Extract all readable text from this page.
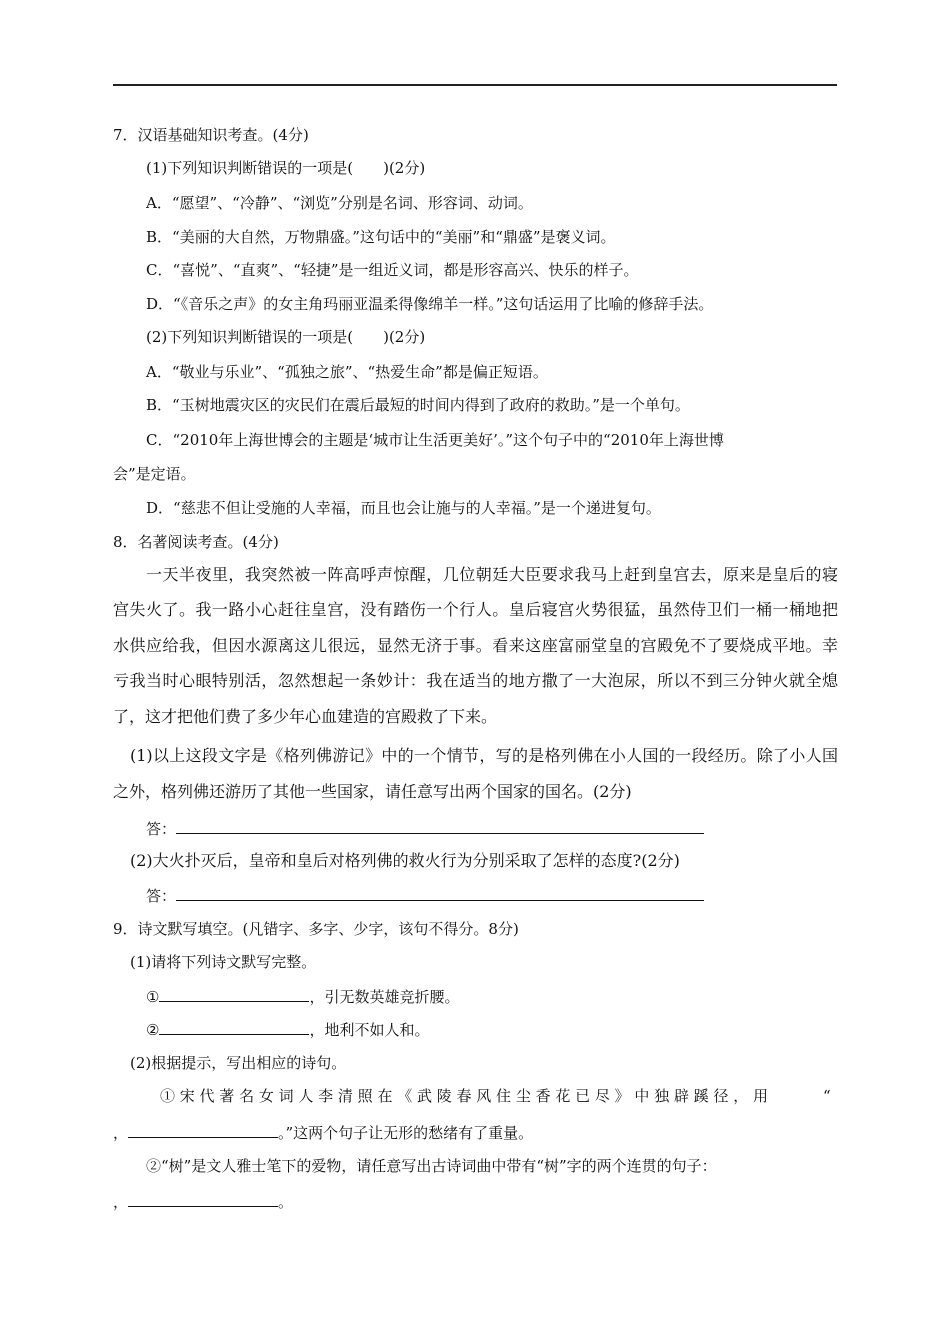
7．汉语基础知识考查。(4分)
(1)下列知识判断错误的一项是(　　)(2分)
A．“愿望”、“冷静”、“浏览”分别是名词、形容词、动词。
B．“美丽的大自然，万物鼎盛。”这句话中的“美丽”和“鼎盛”是褒义词。
C．“喜悦”、“直爽”、“轻捷”是一组近义词，都是形容高兴、快乐的样子。
D．“《音乐之声》的女主角玛丽亚温柔得像绵羊一样。”这句话运用了比喻的修辞手法。
(2)下列知识判断错误的一项是(　　)(2分)
A．“敬业与乐业”、“孤独之旅”、“热爱生命”都是偏正短语。
B．“玉树地震灾区的灾民们在震后最短的时间内得到了政府的救助。”是一个单句。
C．“2010年上海世博会的主题是‘城市让生活更美好’。”这个句子中的“2010年上海世博
会”是定语。
D．“慈悲不但让受施的人幸福，而且也会让施与的人幸福。”是一个递进复句。
8．名著阅读考查。(4分)
一天半夜里，我突然被一阵高呼声惊醒，几位朝廷大臣要求我马上赶到皇宫去，原来是皇后的寝
宫失火了。我一路小心赶往皇宫，没有踏伤一个行人。皇后寝宫火势很猛，虽然侍卫们一桶一桶地把
水供应给我，但因水源离这儿很远，显然无济于事。看来这座富丽堂皇的宫殿免不了要烧成平地。幸
亏我当时心眼特别活，忽然想起一条妙计：我在适当的地方撒了一大泡尿，所以不到三分钟火就全熄
了，这才把他们费了多少年心血建造的宫殿救了下来。
(1)以上这段文字是《格列佛游记》中的一个情节，写的是格列佛在小人国的一段经历。除了小人国
之外，格列佛还游历了其他一些国家，请任意写出两个国家的国名。(2分)
答：
(2)大火扑灭后，皇帝和皇后对格列佛的救火行为分别采取了怎样的态度?(2分)
答：
9．诗文默写填空。(凡错字、多字、少字，该句不得分。8分)
(1)请将下列诗文默写完整。
①	，引无数英雄竞折腰。
②	，地利不如人和。
(2)根据提示，写出相应的诗句。
① 宋 代 著 名 女 词 人 李 清 照 在 《 武 陵 春 风 住 尘 香 花 已 尽 》 中 独 辟 蹊 径 ， 用	“
，	。”这两个句子让无形的愁绪有了重量。
②“树”是文人雅士笔下的爱物，请任意写出古诗词曲中带有“树”字的两个连贯的句子：
，	。
